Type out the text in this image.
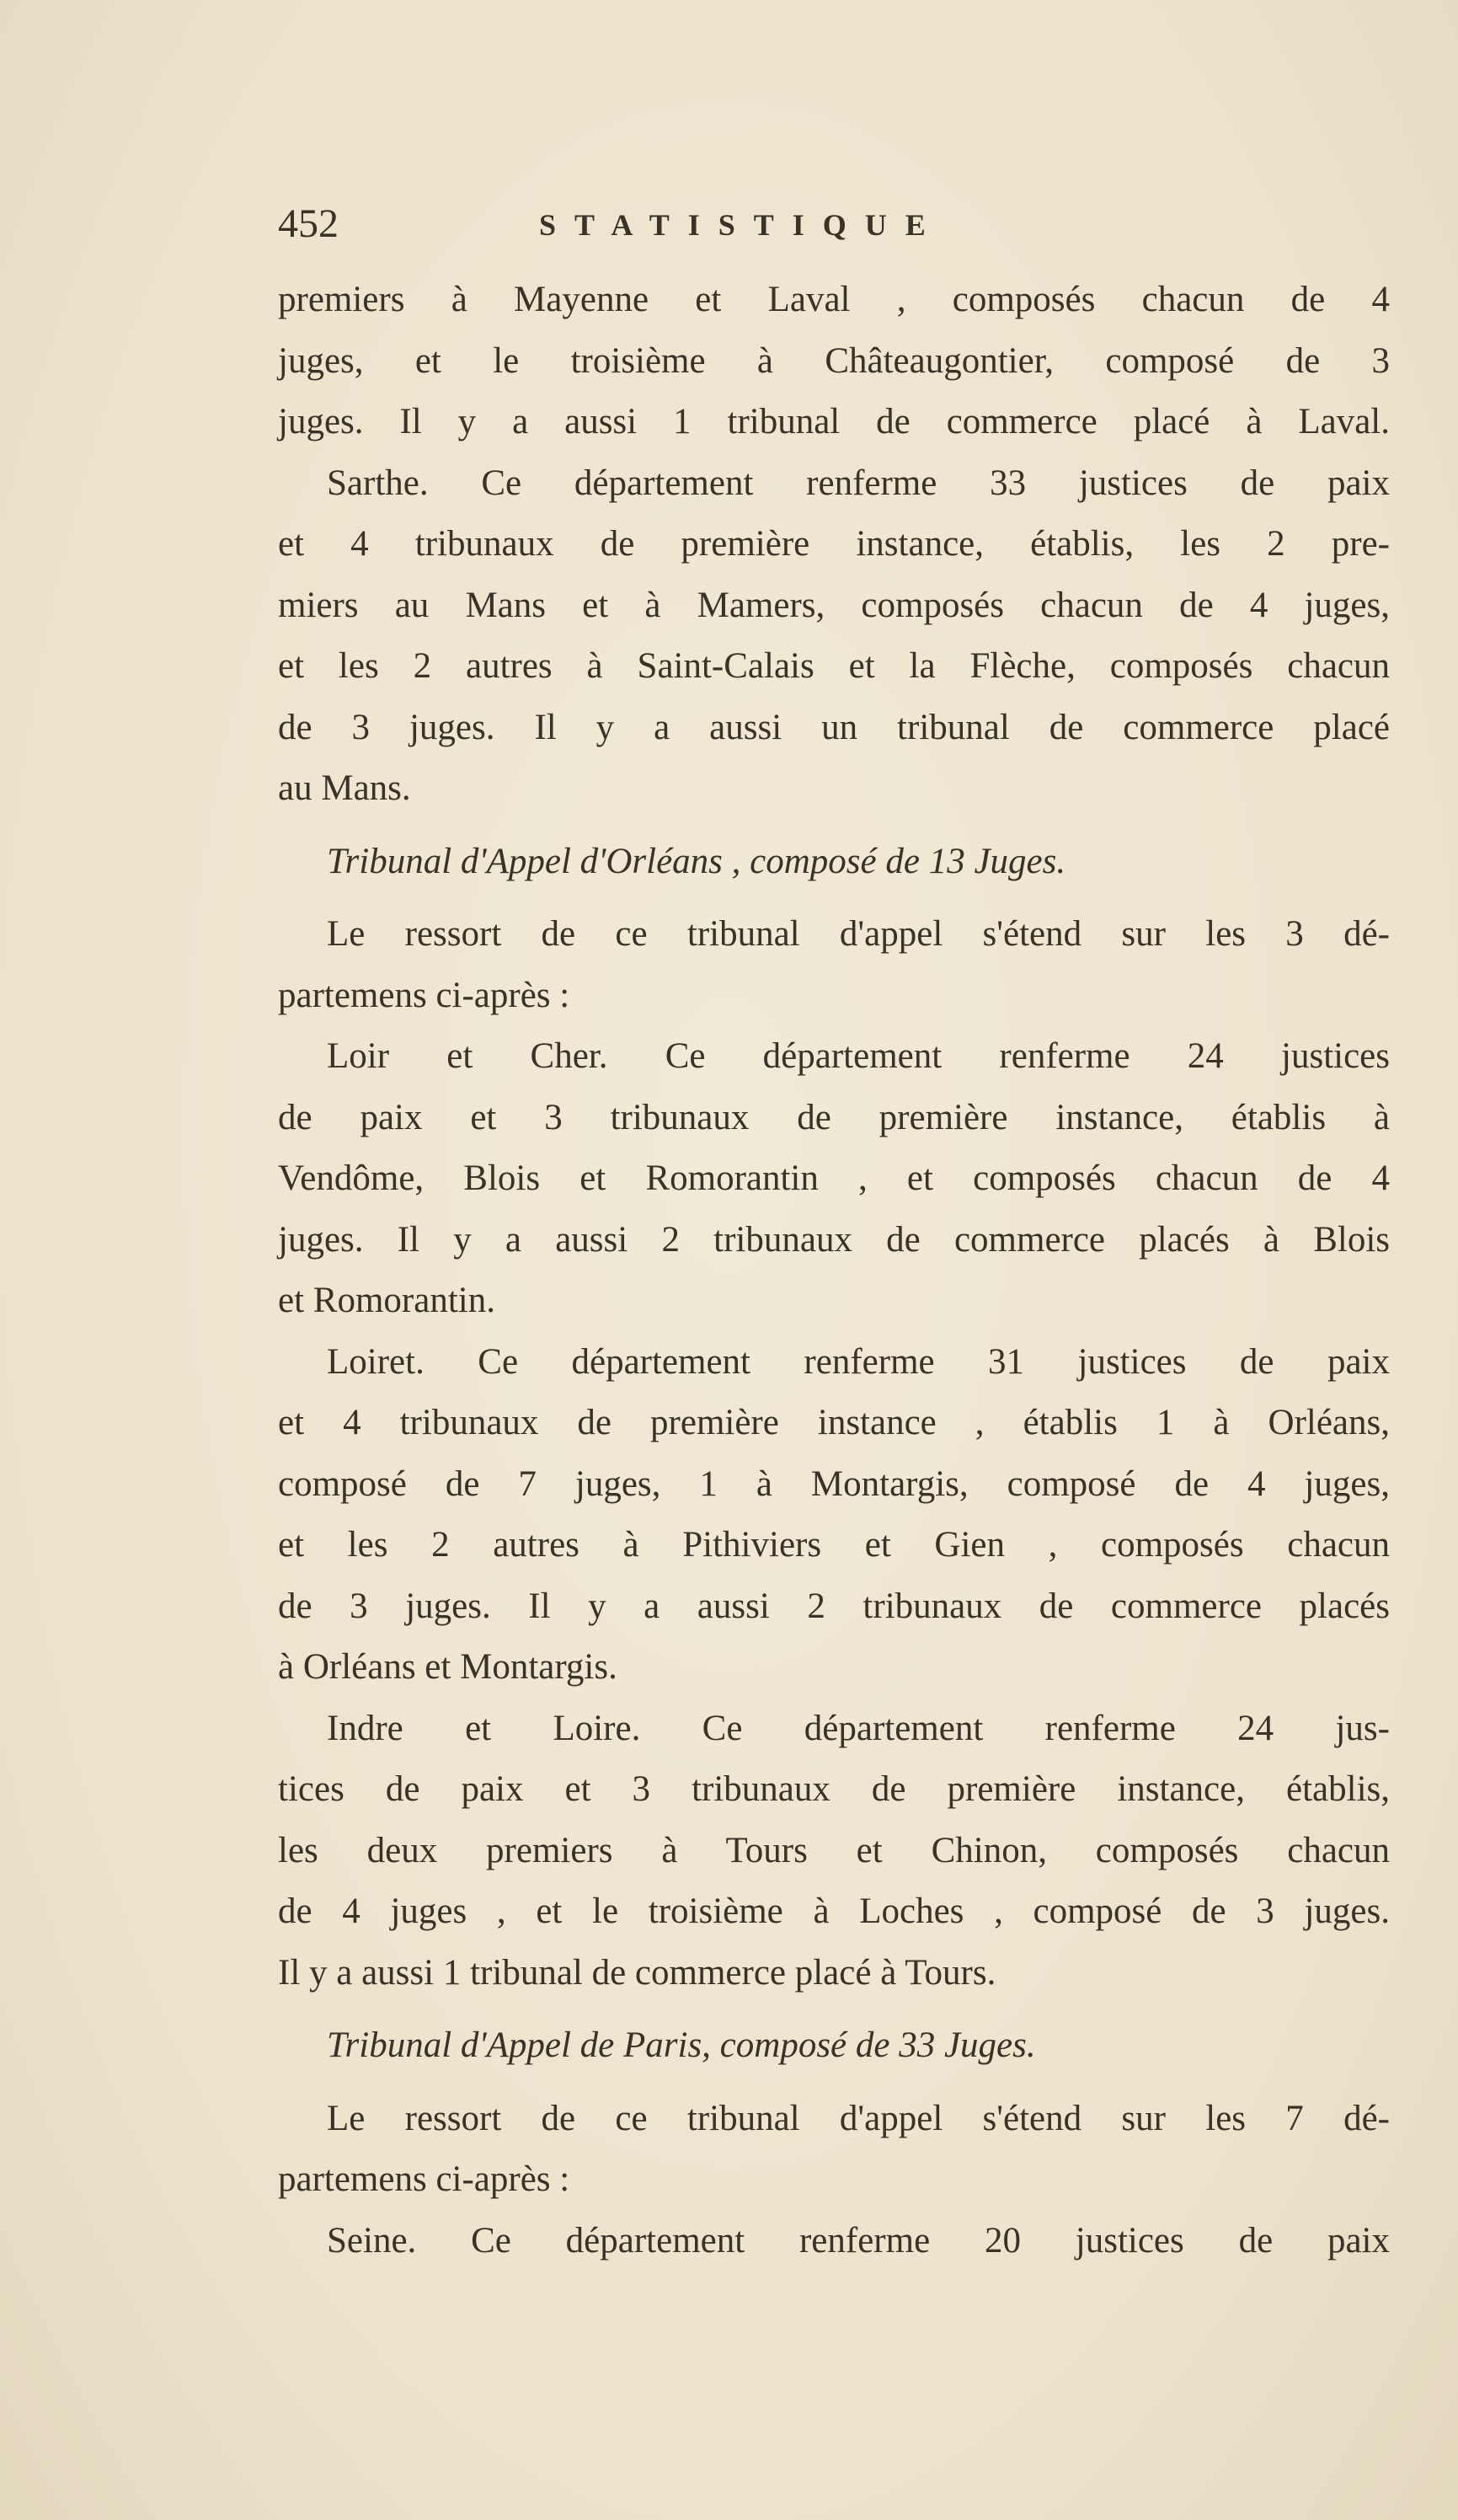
452	STATISTIQUE
premiers à Mayenne et Laval , composés chacun de 4
juges, et le troisième à Châteaugontier, composé de 3
juges. Il y a aussi 1 tribunal de commerce placé à Laval.
Sarthe. Ce département renferme 33 justices de paix
et 4 tribunaux de première instance, établis, les 2 pre-
miers au Mans et à Mamers, composés chacun de 4 juges,
et les 2 autres à Saint-Calais et la Flèche, composés chacun
de 3 juges. Il y a aussi un tribunal de commerce placé
au Mans.
Tribunal d'Appel d'Orléans , composé de 13 Juges.
Le ressort de ce tribunal d'appel s'étend sur les 3 dé-
partemens ci-après :
Loir et Cher. Ce département renferme 24 justices
de paix et 3 tribunaux de première instance, établis à
Vendôme, Blois et Romorantin , et composés chacun de 4
juges. Il y a aussi 2 tribunaux de commerce placés à Blois
et Romorantin.
Loiret. Ce département renferme 31 justices de paix
et 4 tribunaux de première instance , établis 1 à Orléans,
composé de 7 juges, 1 à Montargis, composé de 4 juges,
et les 2 autres à Pithiviers et Gien , composés chacun
de 3 juges. Il y a aussi 2 tribunaux de commerce placés
à Orléans et Montargis.
Indre et Loire. Ce département renferme 24 jus-
tices de paix et 3 tribunaux de première instance, établis,
les deux premiers à Tours et Chinon, composés chacun
de 4 juges , et le troisième à Loches , composé de 3 juges.
Il y a aussi 1 tribunal de commerce placé à Tours.
Tribunal d'Appel de Paris, composé de 33 Juges.
Le ressort de ce tribunal d'appel s'étend sur les 7 dé-
partemens ci-après :
Seine. Ce département renferme 20 justices de paix
